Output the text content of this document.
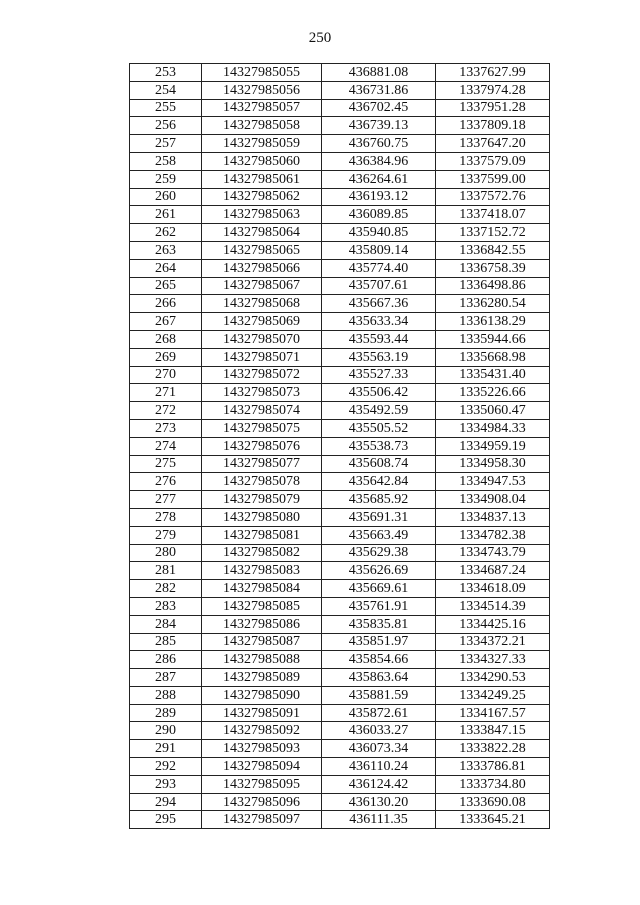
250
253	14327985055	436881.08	1337627.99
254	14327985056	436731.86	1337974.28
255	14327985057	436702.45	1337951.28
256	14327985058	436739.13	1337809.18
257	14327985059	436760.75	1337647.20
258	14327985060	436384.96	1337579.09
259	14327985061	436264.61	1337599.00
260	14327985062	436193.12	1337572.76
261	14327985063	436089.85	1337418.07
262	14327985064	435940.85	1337152.72
263	14327985065	435809.14	1336842.55
264	14327985066	435774.40	1336758.39
265	14327985067	435707.61	1336498.86
266	14327985068	435667.36	1336280.54
267	14327985069	435633.34	1336138.29
268	14327985070	435593.44	1335944.66
269	14327985071	435563.19	1335668.98
270	14327985072	435527.33	1335431.40
271	14327985073	435506.42	1335226.66
272	14327985074	435492.59	1335060.47
273	14327985075	435505.52	1334984.33
274	14327985076	435538.73	1334959.19
275	14327985077	435608.74	1334958.30
276	14327985078	435642.84	1334947.53
277	14327985079	435685.92	1334908.04
278	14327985080	435691.31	1334837.13
279	14327985081	435663.49	1334782.38
280	14327985082	435629.38	1334743.79
281	14327985083	435626.69	1334687.24
282	14327985084	435669.61	1334618.09
283	14327985085	435761.91	1334514.39
284	14327985086	435835.81	1334425.16
285	14327985087	435851.97	1334372.21
286	14327985088	435854.66	1334327.33
287	14327985089	435863.64	1334290.53
288	14327985090	435881.59	1334249.25
289	14327985091	435872.61	1334167.57
290	14327985092	436033.27	1333847.15
291	14327985093	436073.34	1333822.28
292	14327985094	436110.24	1333786.81
293	14327985095	436124.42	1333734.80
294	14327985096	436130.20	1333690.08
295	14327985097	436111.35	1333645.21
